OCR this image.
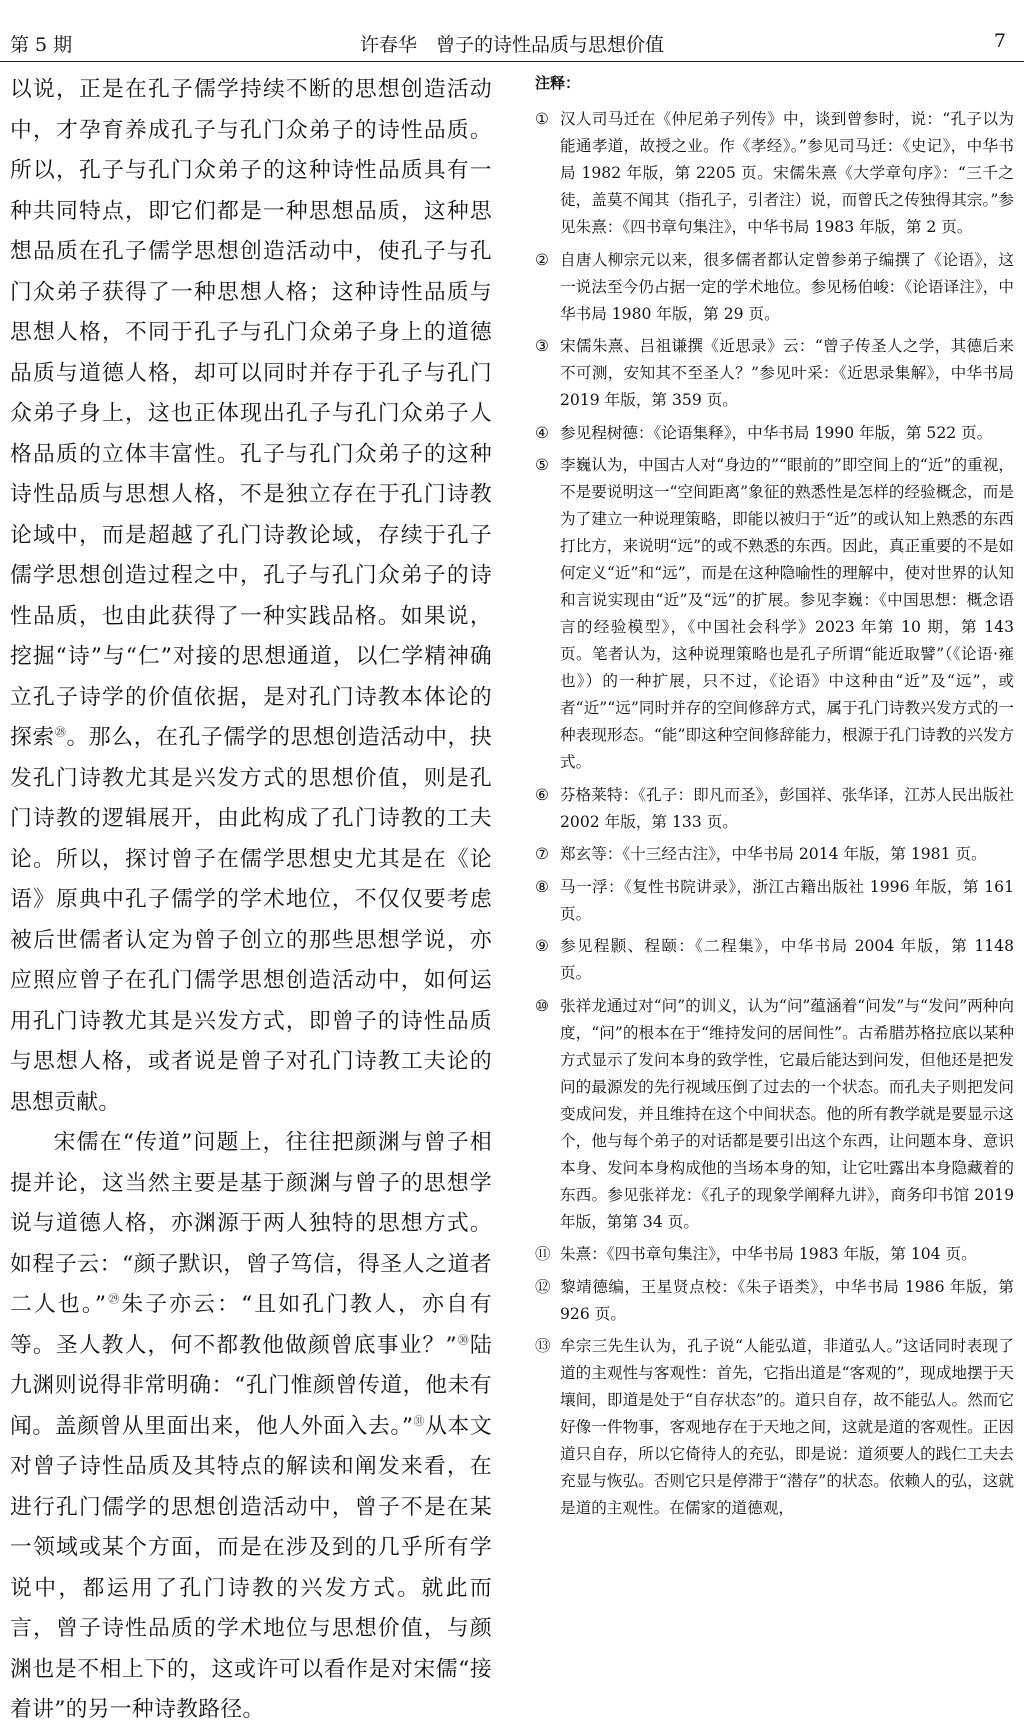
第 5 期	许春华　曾子的诗性品质与思想价值	7

以说，正是在孔子儒学持续不断的思想创造活动中，才孕育养成孔子与孔门众弟子的诗性品质。所以，孔子与孔门众弟子的这种诗性品质具有一种共同特点，即它们都是一种思想品质，这种思想品质在孔子儒学思想创造活动中，使孔子与孔门众弟子获得了一种思想人格；这种诗性品质与思想人格，不同于孔子与孔门众弟子身上的道德品质与道德人格，却可以同时并存于孔子与孔门众弟子身上，这也正体现出孔子与孔门众弟子人格品质的立体丰富性。孔子与孔门众弟子的这种诗性品质与思想人格，不是独立存在于孔门诗教论域中，而是超越了孔门诗教论域，存续于孔子儒学思想创造过程之中，孔子与孔门众弟子的诗性品质，也由此获得了一种实践品格。如果说，挖掘“诗”与“仁”对接的思想通道，以仁学精神确立孔子诗学的价值依据，是对孔门诗教本体论的探索$^㉘$。那么，在孔子儒学的思想创造活动中，抉发孔门诗教尤其是兴发方式的思想价值，则是孔门诗教的逻辑展开，由此构成了孔门诗教的工夫论。所以，探讨曾子在儒学思想史尤其是在《论语》原典中孔子儒学的学术地位，不仅仅要考虑被后世儒者认定为曾子创立的那些思想学说，亦应照应曾子在孔门儒学思想创造活动中，如何运用孔门诗教尤其是兴发方式，即曾子的诗性品质与思想人格，或者说是曾子对孔门诗教工夫论的思想贡献。

宋儒在“传道”问题上，往往把颜渊与曾子相提并论，这当然主要是基于颜渊与曾子的思想学说与道德人格，亦渊源于两人独特的思想方式。如程子云：“颜子默识，曾子笃信，得圣人之道者二人也。”$^㉙$朱子亦云：“且如孔门教人，亦自有等。圣人教人，何不都教他做颜曾底事业？”$^㉚$陆九渊则说得非常明确：“孔门惟颜曾传道，他未有闻。盖颜曾从里面出来，他人外面入去。”$^㉛$从本文对曾子诗性品质及其特点的解读和阐发来看，在进行孔门儒学的思想创造活动中，曾子不是在某一领域或某个方面，而是在涉及到的几乎所有学说中，都运用了孔门诗教的兴发方式。就此而言，曾子诗性品质的学术地位与思想价值，与颜渊也是不相上下的，这或许可以看作是对宋儒“接着讲”的另一种诗教路径。

注释：
① 汉人司马迁在《仲尼弟子列传》中，谈到曾参时，说：“孔子以为能通孝道，故授之业。作《孝经》。”参见司马迁：《史记》，中华书局 1982 年版，第 2205 页。宋儒朱熹《大学章句序》：“三千之徒，盖莫不闻其（指孔子，引者注）说，而曾氏之传独得其宗。”参见朱熹：《四书章句集注》，中华书局 1983 年版，第 2 页。
② 自唐人柳宗元以来，很多儒者都认定曾参弟子编撰了《论语》，这一说法至今仍占据一定的学术地位。参见杨伯峻：《论语译注》，中华书局 1980 年版，第 29 页。
③ 宋儒朱熹、吕祖谦撰《近思录》云：“曾子传圣人之学，其德后来不可测，安知其不至圣人？”参见叶采：《近思录集解》，中华书局 2019 年版，第 359 页。
④ 参见程树德：《论语集释》，中华书局 1990 年版，第 522 页。
⑤ 李巍认为，中国古人对“身边的”“眼前的”即空间上的“近”的重视，不是要说明这一“空间距离”象征的熟悉性是怎样的经验概念，而是为了建立一种说理策略，即能以被归于“近”的或认知上熟悉的东西打比方，来说明“远”的或不熟悉的东西。因此，真正重要的不是如何定义“近”和“远”，而是在这种隐喻性的理解中，使对世界的认知和言说实现由“近”及“远”的扩展。参见李巍：《中国思想：概念语言的经验模型》，《中国社会科学》2023 年第 10 期，第 143 页。笔者认为，这种说理策略也是孔子所谓“能近取譬”（《论语·雍也》）的一种扩展，只不过，《论语》中这种由“近”及“远”，或者“近”“远”同时并存的空间修辞方式，属于孔门诗教兴发方式的一种表现形态。“能”即这种空间修辞能力，根源于孔门诗教的兴发方式。
⑥ 芬格莱特：《孔子：即凡而圣》，彭国祥、张华译，江苏人民出版社 2002 年版，第 133 页。
⑦ 郑玄等：《十三经古注》，中华书局 2014 年版，第 1981 页。
⑧ 马一浮：《复性书院讲录》，浙江古籍出版社 1996 年版，第 161 页。
⑨ 参见程颢、程颐：《二程集》，中华书局 2004 年版，第 1148 页。
⑩ 张祥龙通过对“问”的训义，认为“问”蕴涵着“问发”与“发问”两种向度，“问”的根本在于“维持发问的居间性”。古希腊苏格拉底以某种方式显示了发问本身的致学性，它最后能达到问发，但他还是把发问的最源发的先行视域压倒了过去的一个状态。而孔夫子则把发问变成问发，并且维持在这个中间状态。他的所有教学就是要显示这个，他与每个弟子的对话都是要引出这个东西，让问题本身、意识本身、发问本身构成他的当场本身的知，让它吐露出本身隐藏着的东西。参见张祥龙：《孔子的现象学阐释九讲》，商务印书馆 2019 年版，第第 34 页。
⑪ 朱熹：《四书章句集注》，中华书局 1983 年版，第 104 页。
⑫ 黎靖德编，王星贤点校：《朱子语类》，中华书局 1986 年版，第 926 页。
⑬ 牟宗三先生认为，孔子说“人能弘道，非道弘人。”这话同时表现了道的主观性与客观性：首先，它指出道是“客观的”，现成地摆于天壤间，即道是处于“自存状态”的。道只自存，故不能弘人。然而它好像一件物事，客观地存在于天地之间，这就是道的客观性。正因道只自存，所以它倚待人的充弘，即是说：道须要人的践仁工夫去充显与恢弘。否则它只是停滞于“潜存”的状态。依赖人的弘，这就是道的主观性。在儒家的道德观，
